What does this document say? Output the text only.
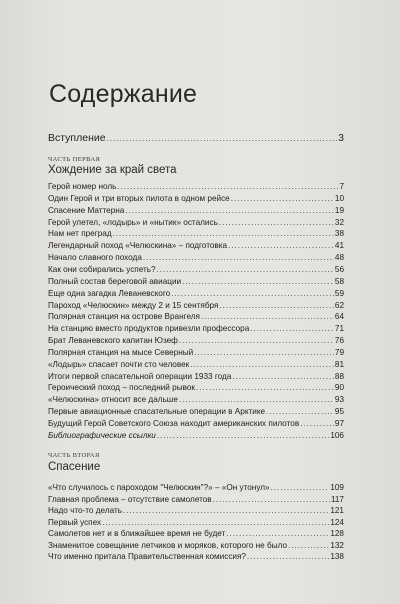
Содержание
Вступление .....	3
ЧАСТЬ ПЕРВАЯ
Хождение за край света
Герой номер ноль .....	7
Один Герой и три вторых пилота в одном рейсе .....	10
Спасение Маттерна .....	19
Герой улетел, «лодырь» и «нытик» остались .....	32
Нам нет преград .....	38
Легендарный поход «Челюскина» – подготовка .....	41
Начало славного похода .....	48
Как они собирались успеть? .....	56
Полный состав береговой авиации .....	58
Еще одна загадка Леваневского .....	59
Пароход «Челюскин» между 2 и 15 сентября .....	62
Полярная станция на острове Врангеля .....	64
На станцию вместо продуктов привезли профессора .....	71
Брат Леваневского капитан Юзеф .....	76
Полярная станция на мысе Северный .....	79
«Лодырь» спасает почти сто человек .....	81
Итоги первой спасательной операции 1933 года .....	88
Героический поход – последний рывок .....	90
«Челюскина» относит все дальше .....	93
Первые авиационные спасательные операции в Арктике .....	95
Будущий Герой Советского Союза находит американских пилотов .....	97
Библиографические ссылки .....	106
ЧАСТЬ ВТОРАЯ
Спасение
«Что случилось с пароходом "Челюскин"?» – «Он утонул» .....	109
Главная проблема – отсутствие самолетов .....	117
Надо что-то делать .....	121
Первый успех .....	124
Самолетов нет и в ближайшее время не будет .....	128
Знаменитое совещание летчиков и моряков, которого не было .....	132
Что именно притала Правительственная комиссия? .....	138
